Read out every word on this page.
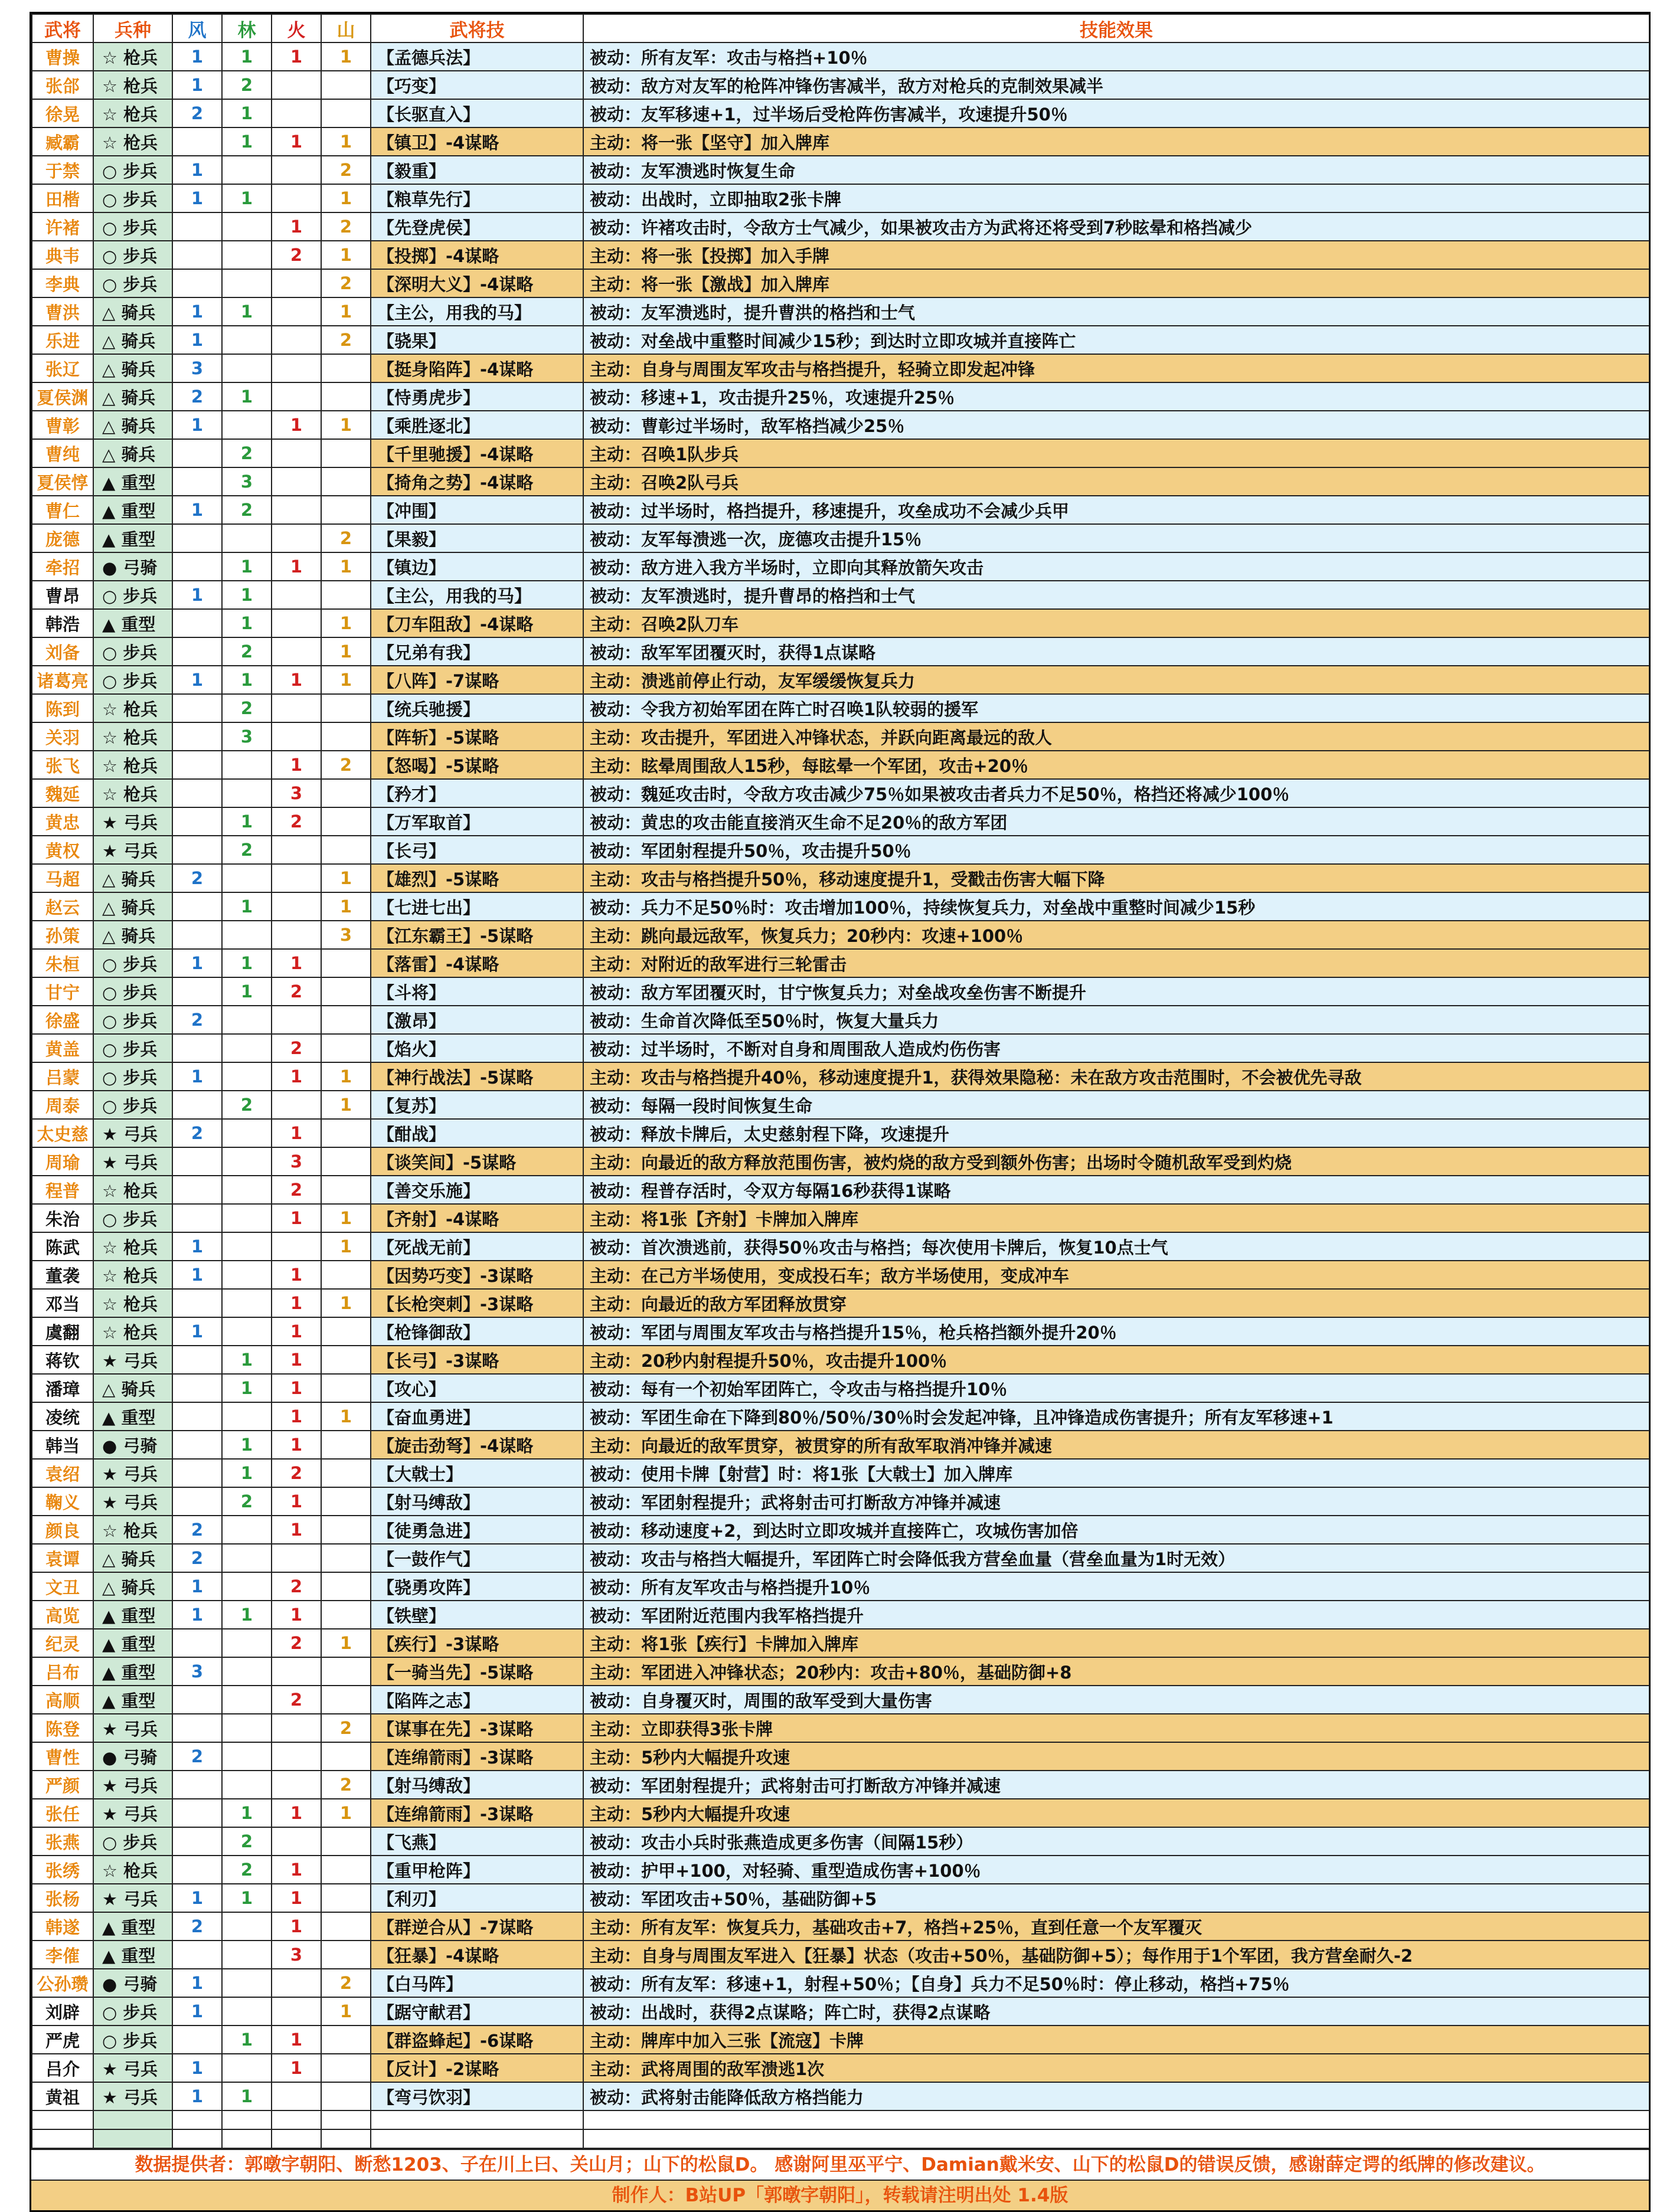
武将	兵种	风	林	火	山	武将技	技能效果
曹操	☆ 枪兵	1	1	1	1	【孟德兵法】	被动：所有友军：攻击与格挡+10％
张郃	☆ 枪兵	1	2			【巧变】	被动：敌方对友军的枪阵冲锋伤害减半，敌方对枪兵的克制效果减半
徐晃	☆ 枪兵	2	1			【长驱直入】	被动：友军移速+1，过半场后受枪阵伤害减半，攻速提升50％
臧霸	☆ 枪兵		1	1	1	【镇卫】-4谋略	主动：将一张【坚守】加入牌库
于禁	○ 步兵	1			2	【毅重】	被动：友军溃逃时恢复生命
田楷	○ 步兵	1	1		1	【粮草先行】	被动：出战时，立即抽取2张卡牌
许褚	○ 步兵			1	2	【先登虎侯】	被动：许褚攻击时，令敌方士气减少，如果被攻击方为武将还将受到7秒眩晕和格挡减少
典韦	○ 步兵			2	1	【投掷】-4谋略	主动：将一张【投掷】加入手牌
李典	○ 步兵				2	【深明大义】-4谋略	主动：将一张【激战】加入牌库
曹洪	△ 骑兵	1	1		1	【主公，用我的马】	被动：友军溃逃时，提升曹洪的格挡和士气
乐进	△ 骑兵	1			2	【骁果】	被动：对垒战中重整时间减少15秒；到达时立即攻城并直接阵亡
张辽	△ 骑兵	3				【挺身陷阵】-4谋略	主动：自身与周围友军攻击与格挡提升，轻骑立即发起冲锋
夏侯渊	△ 骑兵	2	1			【恃勇虎步】	被动：移速+1，攻击提升25％，攻速提升25％
曹彰	△ 骑兵	1		1	1	【乘胜逐北】	被动：曹彰过半场时，敌军格挡减少25％
曹纯	△ 骑兵		2			【千里驰援】-4谋略	主动：召唤1队步兵
夏侯惇	▲ 重型		3			【掎角之势】-4谋略	主动：召唤2队弓兵
曹仁	▲ 重型	1	2			【冲围】	被动：过半场时，格挡提升，移速提升，攻垒成功不会减少兵甲
庞德	▲ 重型				2	【果毅】	被动：友军每溃逃一次，庞德攻击提升15％
牵招	● 弓骑		1	1	1	【镇边】	被动：敌方进入我方半场时，立即向其释放箭矢攻击
曹昂	○ 步兵	1	1			【主公，用我的马】	被动：友军溃逃时，提升曹昂的格挡和士气
韩浩	▲ 重型		1		1	【刀车阻敌】-4谋略	主动：召唤2队刀车
刘备	○ 步兵		2		1	【兄弟有我】	被动：敌军军团覆灭时，获得1点谋略
诸葛亮	○ 步兵	1	1	1	1	【八阵】-7谋略	主动：溃逃前停止行动，友军缓缓恢复兵力
陈到	☆ 枪兵		2			【统兵驰援】	被动：令我方初始军团在阵亡时召唤1队较弱的援军
关羽	☆ 枪兵		3			【阵斩】-5谋略	主动：攻击提升，军团进入冲锋状态，并跃向距离最远的敌人
张飞	☆ 枪兵			1	2	【怒喝】-5谋略	主动：眩晕周围敌人15秒，每眩晕一个军团，攻击+20％
魏延	☆ 枪兵			3		【矜才】	被动：魏延攻击时，令敌方攻击减少75％如果被攻击者兵力不足50％，格挡还将减少100％
黄忠	★ 弓兵		1	2		【万军取首】	被动：黄忠的攻击能直接消灭生命不足20％的敌方军团
黄权	★ 弓兵		2			【长弓】	被动：军团射程提升50％，攻击提升50％
马超	△ 骑兵	2			1	【雄烈】-5谋略	主动：攻击与格挡提升50％，移动速度提升1，受戳击伤害大幅下降
赵云	△ 骑兵		1		1	【七进七出】	被动：兵力不足50％时：攻击增加100％，持续恢复兵力，对垒战中重整时间减少15秒
孙策	△ 骑兵				3	【江东霸王】-5谋略	主动：跳向最远敌军，恢复兵力；20秒内：攻速+100％
朱桓	○ 步兵	1	1	1		【落雷】-4谋略	主动：对附近的敌军进行三轮雷击
甘宁	○ 步兵		1	2		【斗将】	被动：敌方军团覆灭时，甘宁恢复兵力；对垒战攻垒伤害不断提升
徐盛	○ 步兵	2				【激昂】	被动：生命首次降低至50％时，恢复大量兵力
黄盖	○ 步兵			2		【焰火】	被动：过半场时，不断对自身和周围敌人造成灼伤伤害
吕蒙	○ 步兵	1		1	1	【神行战法】-5谋略	主动：攻击与格挡提升40％，移动速度提升1，获得效果隐秘：未在敌方攻击范围时，不会被优先寻敌
周泰	○ 步兵		2		1	【复苏】	被动：每隔一段时间恢复生命
太史慈	★ 弓兵	2		1		【酣战】	被动：释放卡牌后，太史慈射程下降，攻速提升
周瑜	★ 弓兵			3		【谈笑间】-5谋略	主动：向最近的敌方释放范围伤害，被灼烧的敌方受到额外伤害；出场时令随机敌军受到灼烧
程普	☆ 枪兵			2		【善交乐施】	被动：程普存活时，令双方每隔16秒获得1谋略
朱治	○ 步兵			1	1	【齐射】-4谋略	主动：将1张【齐射】卡牌加入牌库
陈武	☆ 枪兵	1			1	【死战无前】	被动：首次溃逃前，获得50％攻击与格挡；每次使用卡牌后，恢复10点士气
董袭	☆ 枪兵	1		1		【因势巧变】-3谋略	主动：在己方半场使用，变成投石车；敌方半场使用，变成冲车
邓当	☆ 枪兵			1	1	【长枪突刺】-3谋略	主动：向最近的敌方军团释放贯穿
虞翻	☆ 枪兵	1		1		【枪锋御敌】	被动：军团与周围友军攻击与格挡提升15％，枪兵格挡额外提升20％
蒋钦	★ 弓兵		1	1		【长弓】-3谋略	主动：20秒内射程提升50％，攻击提升100％
潘璋	△ 骑兵		1	1		【攻心】	被动：每有一个初始军团阵亡，令攻击与格挡提升10％
凌统	▲ 重型			1	1	【奋血勇进】	被动：军团生命在下降到80％/50％/30％时会发起冲锋，且冲锋造成伤害提升；所有友军移速+1
韩当	● 弓骑		1	1		【旋击劲弩】-4谋略	主动：向最近的敌军贯穿，被贯穿的所有敌军取消冲锋并减速
袁绍	★ 弓兵		1	2		【大戟士】	被动：使用卡牌【射营】时：将1张【大戟士】加入牌库
鞠义	★ 弓兵		2	1		【射马缚敌】	被动：军团射程提升；武将射击可打断敌方冲锋并减速
颜良	☆ 枪兵	2		1		【徒勇急进】	被动：移动速度+2，到达时立即攻城并直接阵亡，攻城伤害加倍
袁谭	△ 骑兵	2				【一鼓作气】	被动：攻击与格挡大幅提升，军团阵亡时会降低我方营垒血量（营垒血量为1时无效）
文丑	△ 骑兵	1		2		【骁勇攻阵】	被动：所有友军攻击与格挡提升10％
高览	▲ 重型	1	1	1		【铁壁】	被动：军团附近范围内我军格挡提升
纪灵	▲ 重型			2	1	【疾行】-3谋略	主动：将1张【疾行】卡牌加入牌库
吕布	▲ 重型	3				【一骑当先】-5谋略	主动：军团进入冲锋状态；20秒内：攻击+80％，基础防御+8
高顺	▲ 重型			2		【陷阵之志】	被动：自身覆灭时，周围的敌军受到大量伤害
陈登	★ 弓兵				2	【谋事在先】-3谋略	主动：立即获得3张卡牌
曹性	● 弓骑	2				【连绵箭雨】-3谋略	主动：5秒内大幅提升攻速
严颜	★ 弓兵				2	【射马缚敌】	被动：军团射程提升；武将射击可打断敌方冲锋并减速
张任	★ 弓兵		1	1	1	【连绵箭雨】-3谋略	主动：5秒内大幅提升攻速
张燕	○ 步兵		2			【飞燕】	被动：攻击小兵时张燕造成更多伤害（间隔15秒）
张绣	☆ 枪兵		2	1		【重甲枪阵】	被动：护甲+100，对轻骑、重型造成伤害+100％
张杨	★ 弓兵	1	1	1		【利刃】	被动：军团攻击+50％，基础防御+5
韩遂	▲ 重型	2		1		【群逆合从】-7谋略	主动：所有友军：恢复兵力，基础攻击+7，格挡+25％，直到任意一个友军覆灭
李傕	▲ 重型			3		【狂暴】-4谋略	主动：自身与周围友军进入【狂暴】状态（攻击+50％，基础防御+5）；每作用于1个军团，我方营垒耐久-2
公孙瓒	● 弓骑	1			2	【白马阵】	被动：所有友军：移速+1，射程+50％；【自身】兵力不足50％时：停止移动，格挡+75％
刘辟	○ 步兵	1			1	【踞守献君】	被动：出战时，获得2点谋略；阵亡时，获得2点谋略
严虎	○ 步兵		1	1		【群盗蜂起】-6谋略	主动：牌库中加入三张【流寇】卡牌
吕介	★ 弓兵	1		1		【反计】-2谋略	主动：武将周围的敌军溃逃1次
黄祖	★ 弓兵	1	1			【弯弓饮羽】	被动：武将射击能降低敌方格挡能力

数据提供者：郭暾字朝阳、断愁1203、子在川上曰、关山月；山下的松鼠D。 感谢阿里巫平宁、Damian戴米安、山下的松鼠D的错误反馈，感谢薛定谔的纸牌的修改建议。
制作人：B站UP「郭暾字朝阳」，转载请注明出处 1.4版
